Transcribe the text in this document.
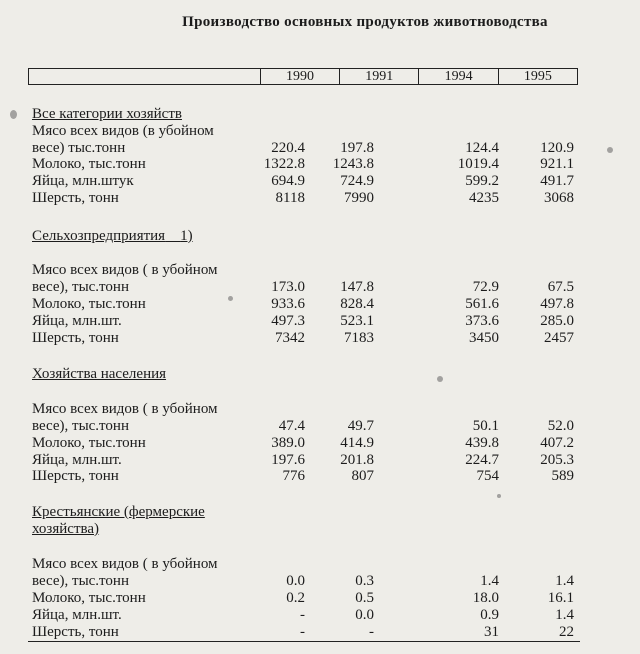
Производство основных продуктов животноводства
1990	1991	1994	1995
Все категории хозяйств
Мясо всех видов (в убойном
весе) тыс.тонн	220.4	197.8	124.4	120.9
Молоко, тыс.тонн	1322.8	1243.8	1019.4	921.1
Яйца, млн.штук	694.9	724.9	599.2	491.7
Шерсть, тонн	8118	7990	4235	3068
Сельхозпредприятия 1)
Мясо всех видов ( в убойном
весе), тыс.тонн	173.0	147.8	72.9	67.5
Молоко, тыс.тонн	933.6	828.4	561.6	497.8
Яйца, млн.шт.	497.3	523.1	373.6	285.0
Шерсть, тонн	7342	7183	3450	2457
Хозяйства населения
Мясо всех видов ( в убойном
весе), тыс.тонн	47.4	49.7	50.1	52.0
Молоко, тыс.тонн	389.0	414.9	439.8	407.2
Яйца, млн.шт.	197.6	201.8	224.7	205.3
Шерсть, тонн	776	807	754	589
Крестьянские (фермерские
хозяйства)
Мясо всех видов ( в убойном
весе), тыс.тонн	0.0	0.3	1.4	1.4
Молоко, тыс.тонн	0.2	0.5	18.0	16.1
Яйца, млн.шт.	-	0.0	0.9	1.4
Шерсть, тонн	-	-	31	22
